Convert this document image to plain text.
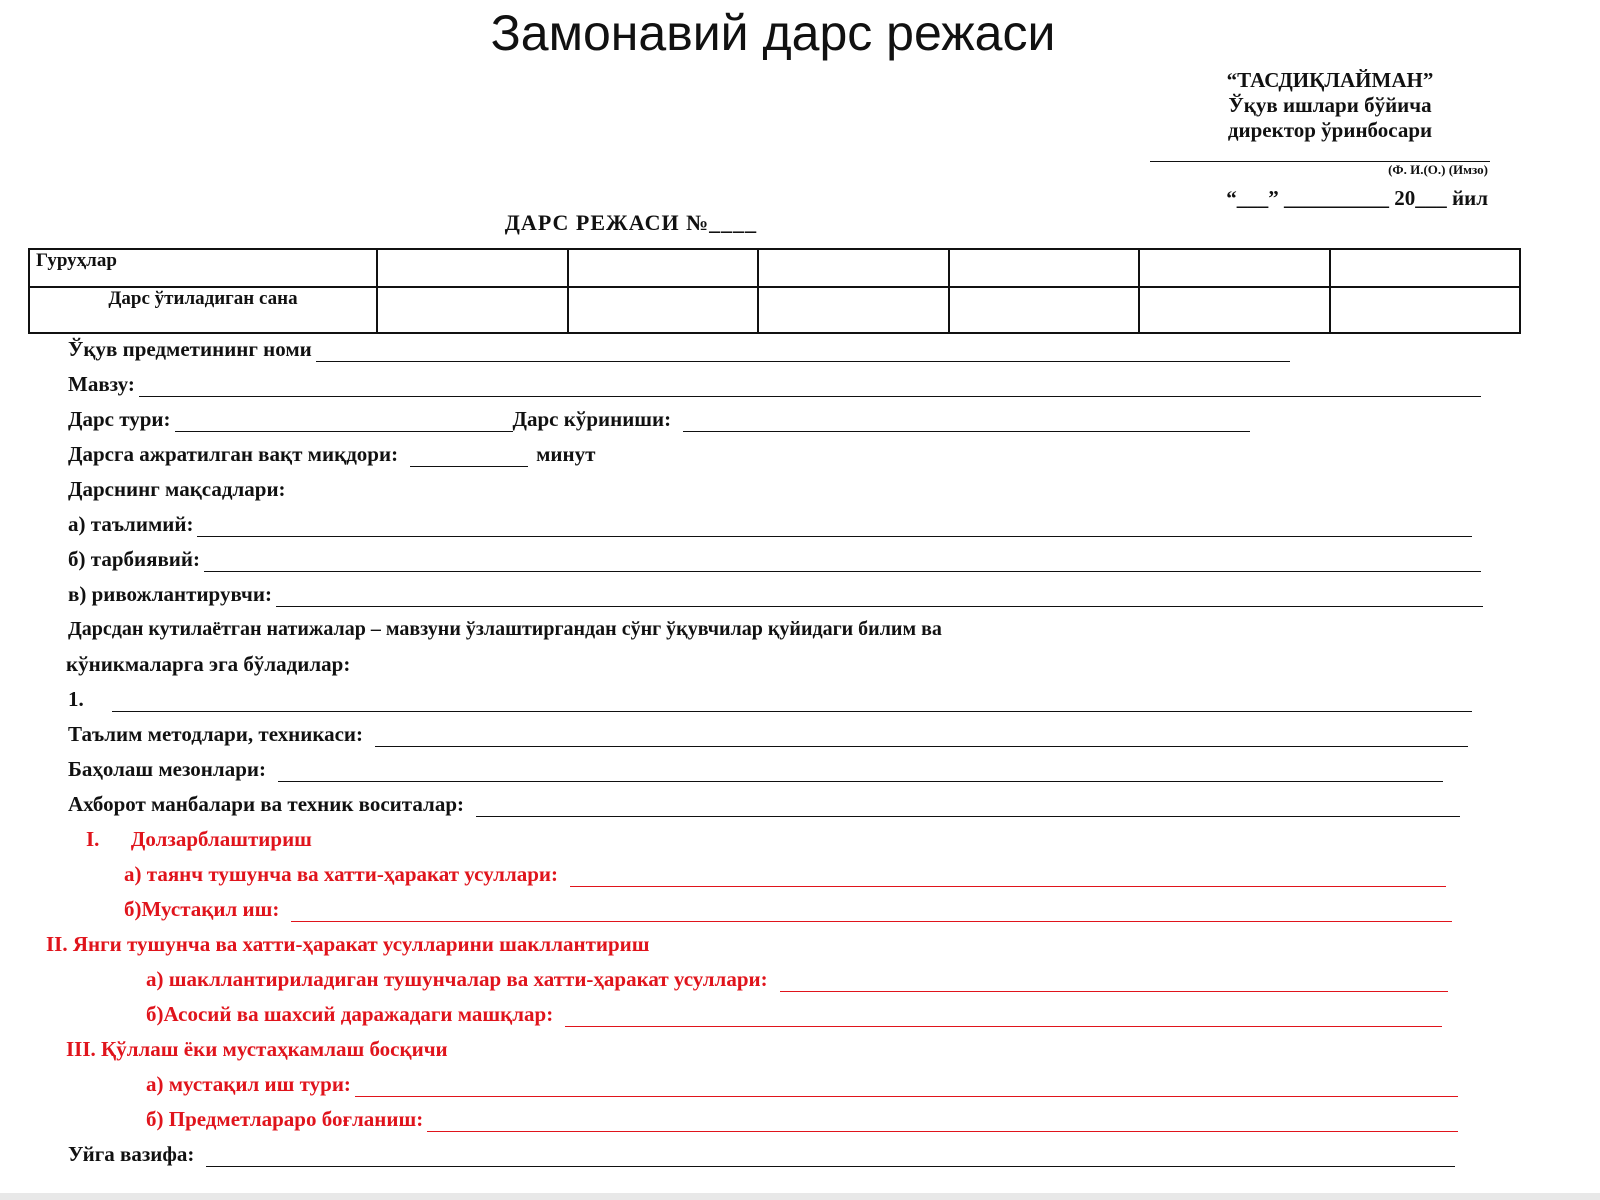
Замонавий дарс режаси
“ТАСДИҚЛАЙМАН”
Ўқув ишлари бўйича
директор ўринбосари
(Ф. И.(О.) (Имзо)
“___” __________ 20___ йил
ДАРС РЕЖАСИ №____
Гуруҳлар						
Дарс ўтиладиган сана						
Ўқув предметининг номи
Мавзу:
Дарс тури:	Дарс кўриниши:
Дарсга ажратилган вақт миқдори:	минут
Дарснинг мақсадлари:
а) таълимий:
б) тарбиявий:
в) ривожлантирувчи:
Дарсдан кутилаётган натижалар – мавзуни ўзлаштиргандан сўнг ўқувчилар қуйидаги билим ва
кўникмаларга эга бўладилар:
1.
Таълим методлари, техникаси:
Баҳолаш мезонлари:
Ахборот манбалари ва техник воситалар:
I.      Долзарблаштириш
а) таянч тушунча ва хатти-ҳаракат усуллари:
б)Мустақил иш:
II. Янги тушунча ва хатти-ҳаракат усулларини шакллантириш
а) шакллантириладиган тушунчалар ва хатти-ҳаракат усуллари:
б)Асосий ва шахсий даражадаги машқлар:
III. Қўллаш ёки мустаҳкамлаш босқичи
а) мустақил иш тури:
б) Предметлараро боғланиш:
Уйга вазифа:
